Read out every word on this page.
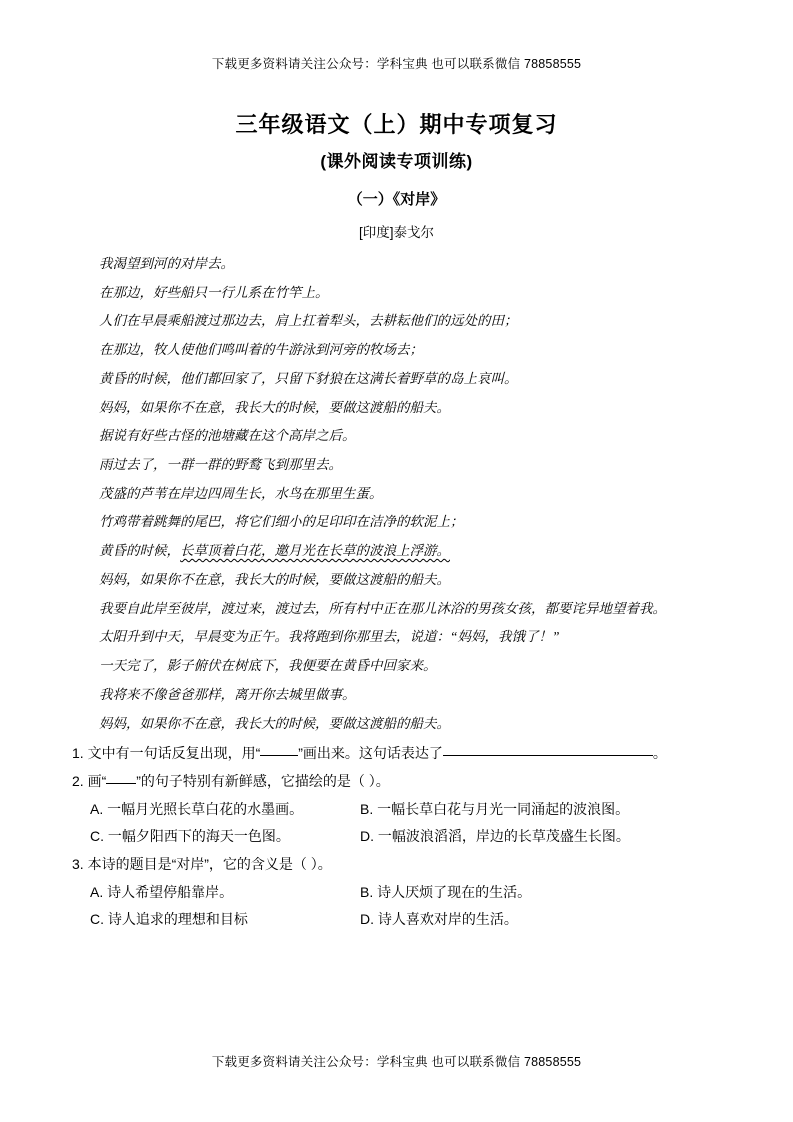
下载更多资料请关注公众号：学科宝典 也可以联系微信 78858555
三年级语文（上）期中专项复习
(课外阅读专项训练)
（一）《对岸》
[印度]泰戈尔

我渴望到河的对岸去。

在那边，好些船只一行儿系在竹竿上。

人们在早晨乘船渡过那边去，肩上扛着犁头，去耕耘他们的远处的田；

在那边，牧人使他们鸣叫着的牛游泳到河旁的牧场去；

黄昏的时候，他们都回家了，只留下豺狼在这满长着野草的岛上哀叫。

妈妈，如果你不在意，我长大的时候，要做这渡船的船夫。

据说有好些古怪的池塘藏在这个高岸之后。

雨过去了，一群一群的野鹜飞到那里去。

茂盛的芦苇在岸边四周生长，水鸟在那里生蛋。

竹鸡带着跳舞的尾巴，将它们细小的足印印在洁净的软泥上；

黄昏的时候，长草顶着白花，邀月光在长草的波浪上浮游。

妈妈，如果你不在意，我长大的时候，要做这渡船的船夫。

我要自此岸至彼岸，渡过来，渡过去，所有村中正在那儿沐浴的男孩女孩，都要诧异地望着我。

太阳升到中天，早晨变为正午。我将跑到你那里去，说道：“妈妈，我饿了！”

一天完了，影子俯伏在树底下，我便要在黄昏中回家来。

我将来不像爸爸那样，离开你去城里做事。

妈妈，如果你不在意，我长大的时候，要做这渡船的船夫。

1. 文中有一句话反复出现，用“	”画出来。这句话表达了	。

2. 画“ ”的句子特别有新鲜感，它描绘的是（ ）。

A. 一幅月光照长草白花的水墨画。	B. 一幅长草白花与月光一同涌起的波浪图。
C. 一幅夕阳西下的海天一色图。	D. 一幅波浪滔滔，岸边的长草茂盛生长图。

3. 本诗的题目是“对岸”，它的含义是（ ）。

A. 诗人希望停船靠岸。	B. 诗人厌烦了现在的生活。
C. 诗人追求的理想和目标	D. 诗人喜欢对岸的生活。
下载更多资料请关注公众号：学科宝典 也可以联系微信 78858555
